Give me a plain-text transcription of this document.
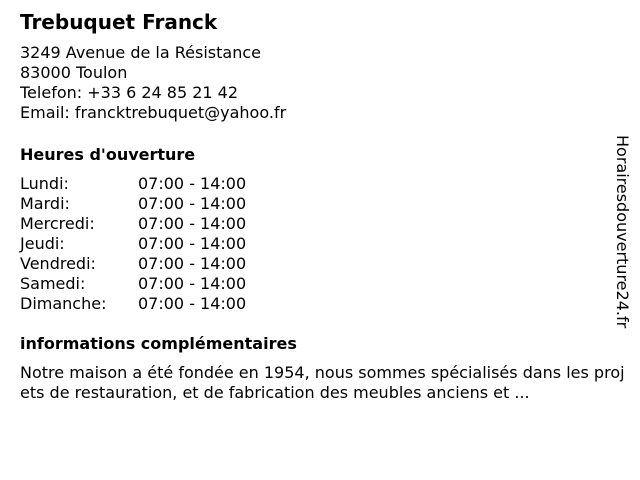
Trebuquet Franck
3249 Avenue de la Résistance
83000 Toulon
Telefon: +33 6 24 85 21 42
Email: francktrebuquet@yahoo.fr
Heures d'ouverture
Lundi:	07:00 - 14:00
Mardi:	07:00 - 14:00
Mercredi:	07:00 - 14:00
Jeudi:	07:00 - 14:00
Vendredi:	07:00 - 14:00
Samedi:	07:00 - 14:00
Dimanche:	07:00 - 14:00
informations complémentaires
Notre maison a été fondée en 1954, nous sommes spécialisés dans les projets de restauration, et de fabrication des meubles anciens et ...
Horairesdouverture24.fr
